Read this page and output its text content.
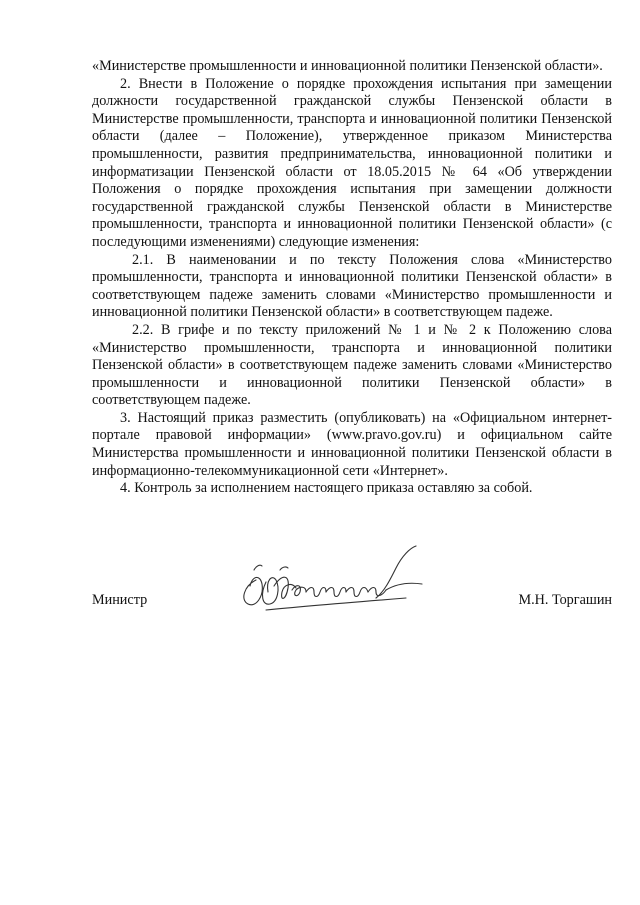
«Министерстве промышленности и инновационной политики Пензенской области».

2. Внести в Положение о порядке прохождения испытания при замещении должности государственной гражданской службы Пензенской области в Министерстве промышленности, транспорта и инновационной политики Пензенской области (далее – Положение), утвержденное приказом Министерства промышленности, развития предпринимательства, инновационной политики и информатизации Пензенской области от 18.05.2015 № 64 «Об утверждении Положения о порядке прохождения испытания при замещении должности государственной гражданской службы Пензенской области в Министерстве промышленности, транспорта и инновационной политики Пензенской области» (с последующими изменениями) следующие изменения:

2.1. В наименовании и по тексту Положения слова «Министерство промышленности, транспорта и инновационной политики Пензенской области» в соответствующем падеже заменить словами «Министерство промышленности и инновационной политики Пензенской области» в соответствующем падеже.

2.2. В грифе и по тексту приложений № 1 и № 2 к Положению слова «Министерство промышленности, транспорта и инновационной политики Пензенской области» в соответствующем падеже заменить словами «Министерство промышленности и инновационной политики Пензенской области» в соответствующем падеже.

3. Настоящий приказ разместить (опубликовать) на «Официальном интернет-портале правовой информации» (www.pravo.gov.ru) и официальном сайте Министерства промышленности и инновационной политики Пензенской области в информационно-телекоммуникационной сети «Интернет».

4. Контроль за исполнением настоящего приказа оставляю за собой.

Министр	М.Н. Торгашин
